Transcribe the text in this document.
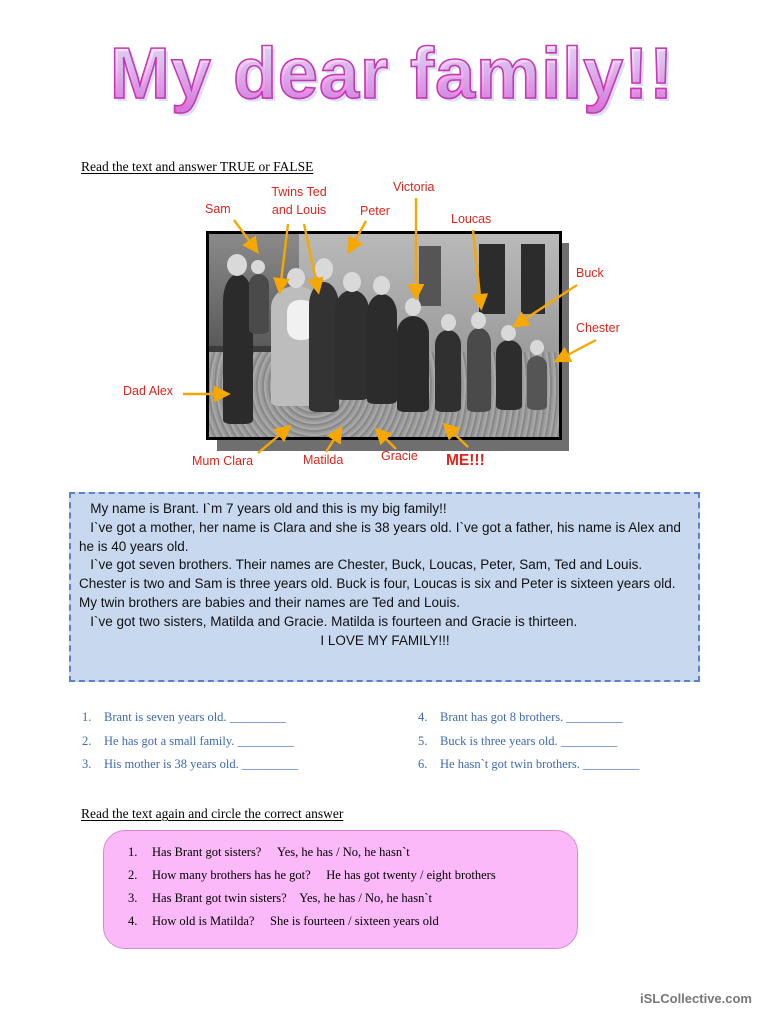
My dear family!!
Read the text and answer TRUE or FALSE
Sam
Twins Ted
and Louis	Peter
Victoria
Loucas
Buck
Chester
Dad Alex
Mum Clara	Matilda	Gracie ME!!!

My name is Brant. I`m 7 years old and this is my big family!!

I`ve got a mother, her name is Clara and she is 38 years old. I`ve got a father, his name is Alex and he is 40 years old.

I`ve got seven brothers. Their names are Chester, Buck, Loucas, Peter, Sam, Ted and Louis. Chester is two and Sam is three years old. Buck is four, Loucas is six and Peter is sixteen years old. My twin brothers are babies and their names are Ted and Louis.

I`ve got two sisters, Matilda and Gracie. Matilda is fourteen and Gracie is thirteen.

I LOVE MY FAMILY!!!

1. Brant is seven years old. _________
2. He has got a small family. _________
3. His mother is 38 years old. _________
4. Brant has got 8 brothers. _________
5. Buck is three years old. _________
6. He hasn`t got twin brothers. _________
Read the text again and circle the correct answer
1. Has Brant got sisters? Yes, he has / No, he hasn`t
2. How many brothers has he got? He has got twenty / eight brothers
3. Has Brant got twin sisters? Yes, he has / No, he hasn`t
4. How old is Matilda? She is fourteen / sixteen years old
iSLCollective.com
